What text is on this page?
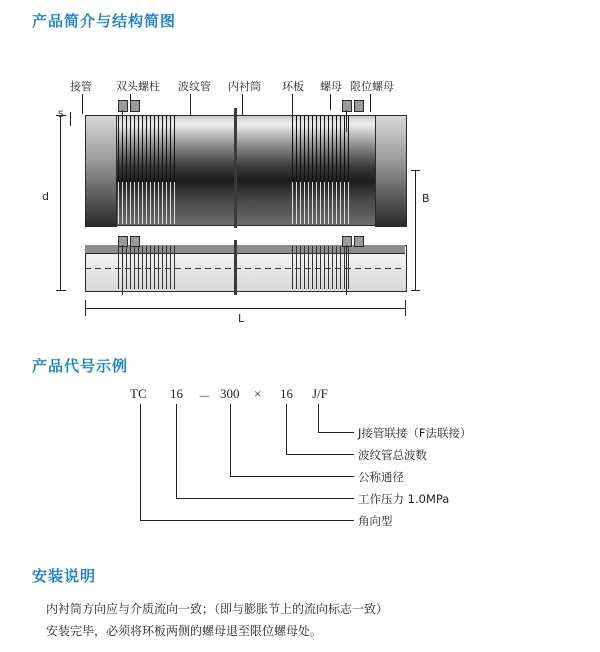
产品简介与结构简图
接管 双头螺柱 波纹管 内衬筒 环板 螺母 限位螺母
d	B
L
产品代号示例
TC 16 － 300 × 16 J/F
J接管联接（F法联接）
波纹管总波数
公称通径
工作压力 1.0MPa
角向型
安装说明
内衬筒方向应与介质流向一致；（即与膨胀节上的流向标志一致）
安装完毕，必须将环板两侧的螺母退至限位螺母处。
